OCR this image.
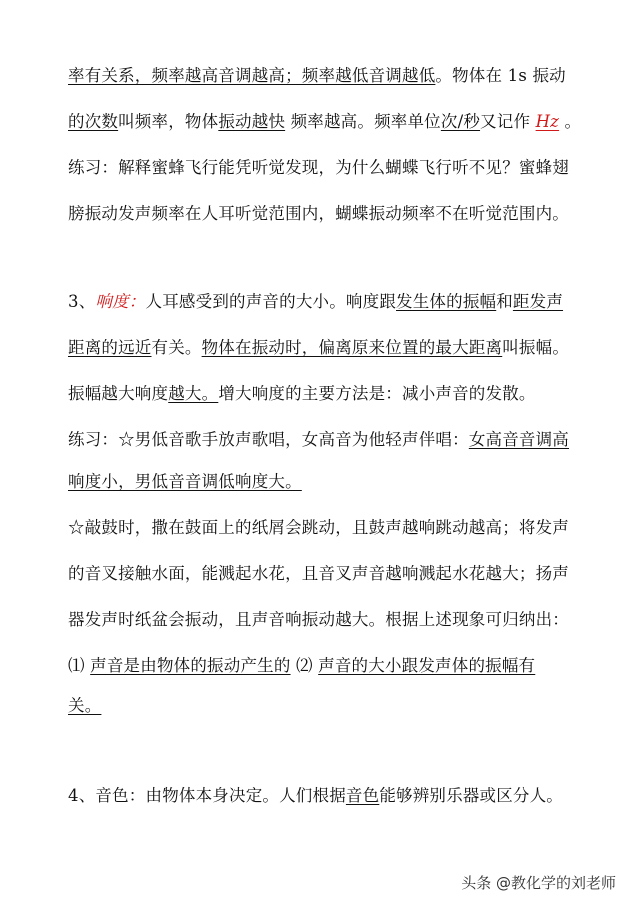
率有关系，频率越高音调越高；频率越低音调越低。物体在 1s 振动
的次数叫频率，物体振动越快 频率越高。频率单位次/秒又记作 Hz 。
练习：解释蜜蜂飞行能凭听觉发现，为什么蝴蝶飞行听不见？蜜蜂翅
膀振动发声频率在人耳听觉范围内，蝴蝶振动频率不在听觉范围内。
3、响度：人耳感受到的声音的大小。响度跟发生体的振幅和距发声
距离的远近有关。物体在振动时，偏离原来位置的最大距离叫振幅。
振幅越大响度越大。增大响度的主要方法是：减小声音的发散。
练习：☆男低音歌手放声歌唱，女高音为他轻声伴唱：女高音音调高
响度小，男低音音调低响度大。
☆敲鼓时，撒在鼓面上的纸屑会跳动，且鼓声越响跳动越高；将发声
的音叉接触水面，能溅起水花，且音叉声音越响溅起水花越大；扬声
器发声时纸盆会振动，且声音响振动越大。根据上述现象可归纳出：
⑴ 声音是由物体的振动产生的 ⑵ 声音的大小跟发声体的振幅有
关。
4、音色：由物体本身决定。人们根据音色能够辨别乐器或区分人。
头条 @教化学的刘老师
